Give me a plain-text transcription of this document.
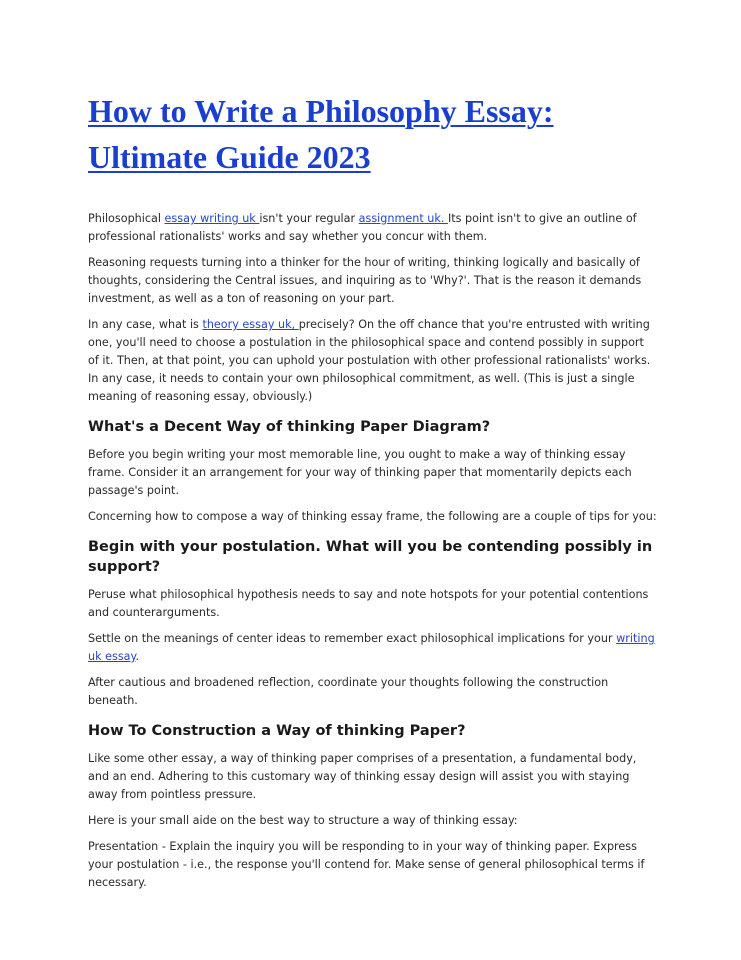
How to Write a Philosophy Essay: Ultimate Guide 2023

Philosophical essay writing uk isn't your regular assignment uk. Its point isn't to give an outline of professional rationalists' works and say whether you concur with them.

Reasoning requests turning into a thinker for the hour of writing, thinking logically and basically of thoughts, considering the Central issues, and inquiring as to 'Why?'. That is the reason it demands investment, as well as a ton of reasoning on your part.

In any case, what is theory essay uk, precisely? On the off chance that you're entrusted with writing one, you'll need to choose a postulation in the philosophical space and contend possibly in support of it. Then, at that point, you can uphold your postulation with other professional rationalists' works. In any case, it needs to contain your own philosophical commitment, as well. (This is just a single meaning of reasoning essay, obviously.)

What's a Decent Way of thinking Paper Diagram?

Before you begin writing your most memorable line, you ought to make a way of thinking essay frame. Consider it an arrangement for your way of thinking paper that momentarily depicts each passage's point.

Concerning how to compose a way of thinking essay frame, the following are a couple of tips for you:

Begin with your postulation. What will you be contending possibly in support?

Peruse what philosophical hypothesis needs to say and note hotspots for your potential contentions and counterarguments.

Settle on the meanings of center ideas to remember exact philosophical implications for your writing uk essay.

After cautious and broadened reflection, coordinate your thoughts following the construction beneath.

How To Construction a Way of thinking Paper?

Like some other essay, a way of thinking paper comprises of a presentation, a fundamental body, and an end. Adhering to this customary way of thinking essay design will assist you with staying away from pointless pressure.

Here is your small aide on the best way to structure a way of thinking essay:

Presentation - Explain the inquiry you will be responding to in your way of thinking paper. Express your postulation - i.e., the response you'll contend for. Make sense of general philosophical terms if necessary.
